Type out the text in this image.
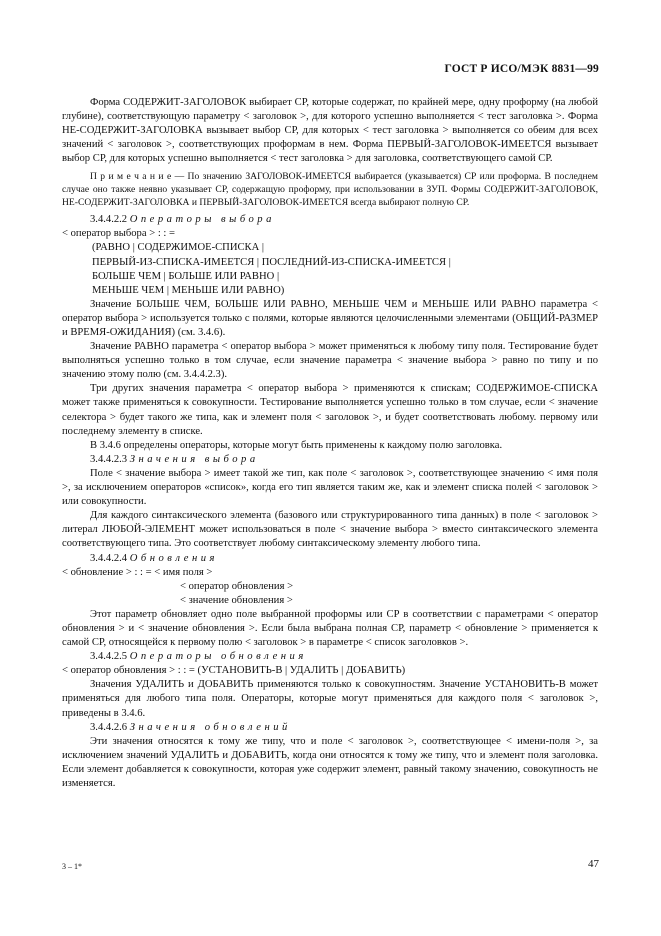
ГОСТ Р ИСО/МЭК 8831—99

Форма СОДЕРЖИТ-ЗАГОЛОВОК выбирает СР, которые содержат, по крайней мере, одну проформу (на любой глубине), соответствующую параметру < заголовок >, для которого успешно выполняется < тест заголовка >. Форма НЕ-СОДЕРЖИТ-ЗАГОЛОВКА вызывает выбор СР, для которых < тест заголовка > выполняется со обеим для всех значений < заголовок >, соответствующих проформам в нем. Форма ПЕРВЫЙ-ЗАГОЛОВОК-ИМЕЕТСЯ вызывает выбор СР, для которых успешно выполняется < тест заголовка > для заголовка, соответствующего самой СР.

П р и м е ч а н и е — По значению ЗАГОЛОВОК-ИМЕЕТСЯ выбирается (указывается) СР или проформа. В последнем случае оно также неявно указывает СР, содержащую проформу, при использовании в ЗУП. Формы СОДЕРЖИТ-ЗАГОЛОВОК, НЕ-СОДЕРЖИТ-ЗАГОЛОВКА и ПЕРВЫЙ-ЗАГОЛОВОК-ИМЕЕТСЯ всегда выбирают полную СР.

3.4.4.2.2 Операторы выбора

< оператор выбора > : : =

(РАВНО | СОДЕРЖИМОЕ-СПИСКА |

ПЕРВЫЙ-ИЗ-СПИСКА-ИМЕЕТСЯ | ПОСЛЕДНИЙ-ИЗ-СПИСКА-ИМЕЕТСЯ |

БОЛЬШЕ ЧЕМ | БОЛЬШЕ ИЛИ РАВНО |

МЕНЬШЕ ЧЕМ | МЕНЬШЕ ИЛИ РАВНО)

Значение БОЛЬШЕ ЧЕМ, БОЛЬШЕ ИЛИ РАВНО, МЕНЬШЕ ЧЕМ и МЕНЬШЕ ИЛИ РАВНО параметра < оператор выбора > используется только с полями, которые являются целочисленными элементами (ОБЩИЙ-РАЗМЕР и ВРЕМЯ-ОЖИДАНИЯ) (см. 3.4.6).

Значение РАВНО параметра < оператор выбора > может применяться к любому типу поля. Тестирование будет выполняться успешно только в том случае, если значение параметра < значение выбора > равно по типу и по значению этому полю (см. 3.4.4.2.3).

Три других значения параметра < оператор выбора > применяются к спискам; СОДЕРЖИМОЕ-СПИСКА может также применяться к совокупности. Тестирование выполняется успешно только в том случае, если < значение селектора > будет такого же типа, как и элемент поля < заголовок >, и будет соответствовать любому. первому или последнему элементу в списке.

В 3.4.6 определены операторы, которые могут быть применены к каждому полю заголовка.

3.4.4.2.3 Значения выбора

Поле < значение выбора > имеет такой же тип, как поле < заголовок >, соответствующее значению < имя поля >, за исключением операторов «список», когда его тип является таким же, как и элемент списка полей < заголовок > или совокупности.

Для каждого синтаксического элемента (базового или структурированного типа данных) в поле < заголовок > литерал ЛЮБОЙ-ЭЛЕМЕНТ может использоваться в поле < значение выбора > вместо синтаксического элемента соответствующего типа. Это соответствует любому синтаксическому элементу любого типа.

3.4.4.2.4 Обновления

< обновление > : : = < имя поля >

< оператор обновления >

< значение обновления >

Этот параметр обновляет одно поле выбранной проформы или СР в соответствии с параметрами < оператор обновления > и < значение обновления >. Если была выбрана полная СР, параметр < обновление > применяется к самой СР, относящейся к первому полю < заголовок > в параметре < список заголовков >.

3.4.4.2.5 Операторы обновления

< оператор обновления > : : = (УСТАНОВИТЬ-В | УДАЛИТЬ | ДОБАВИТЬ)

Значения УДАЛИТЬ и ДОБАВИТЬ применяются только к совокупностям. Значение УСТАНОВИТЬ-В может применяться для любого типа поля. Операторы, которые могут применяться для каждого поля < заголовок >, приведены в 3.4.6.

3.4.4.2.6 Значения обновлений

Эти значения относятся к тому же типу, что и поле < заголовок >, соответствующее < имени-поля >, за исключением значений УДАЛИТЬ и ДОБАВИТЬ, когда они относятся к тому же типу, что и элемент поля заголовка. Если элемент добавляется к совокупности, которая уже содержит элемент, равный такому значению, совокупность не изменяется.

3 – 1*	47
